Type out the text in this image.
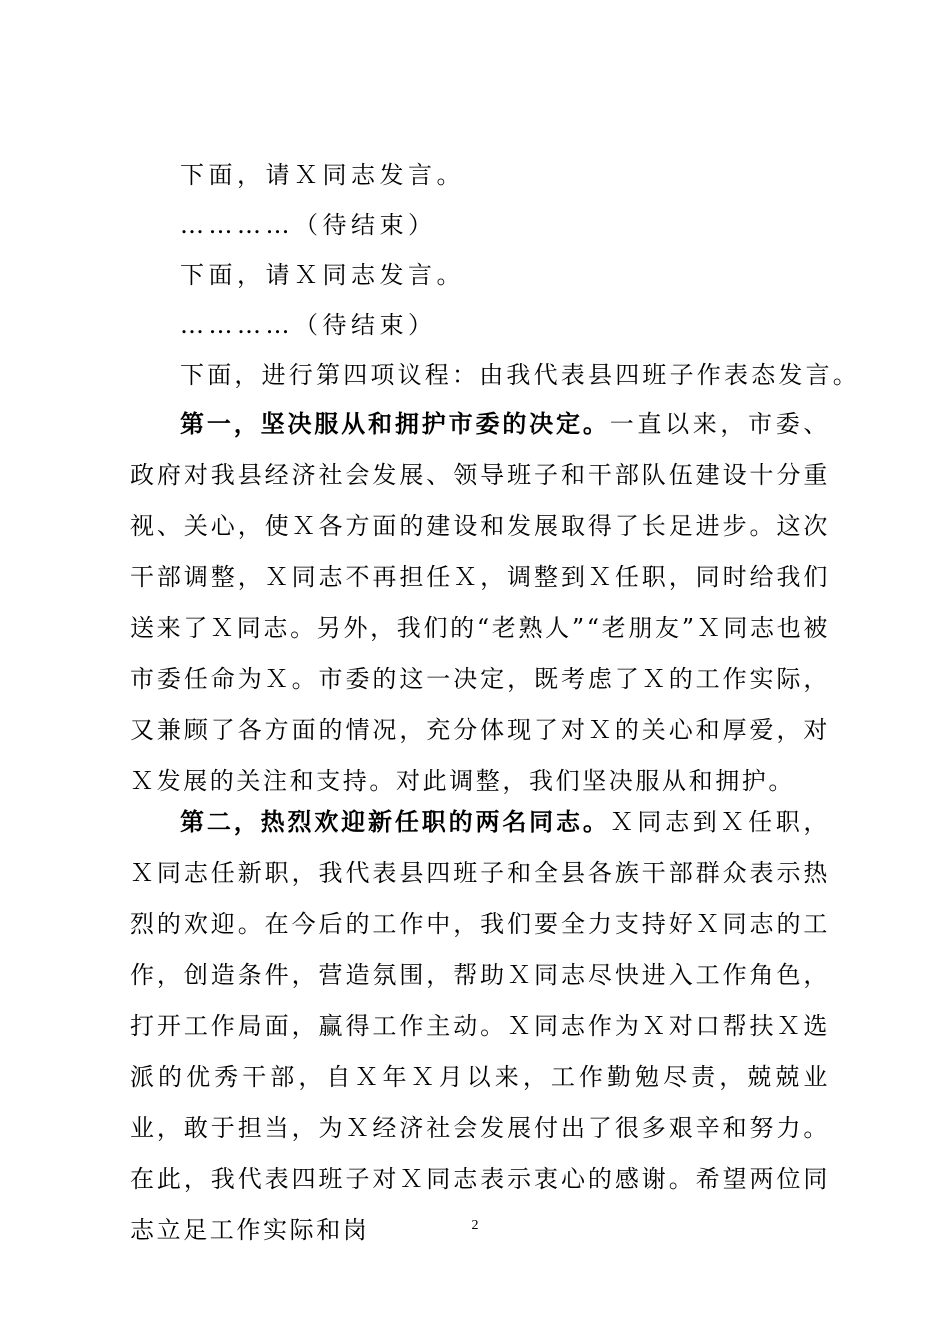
下面，请Ｘ同志发言。

…………（待结束）

下面，请Ｘ同志发言。

…………（待结束）

下面，进行第四项议程：由我代表县四班子作表态发言。

第一，坚决服从和拥护市委的决定。一直以来，市委、政府对我县经济社会发展、领导班子和干部队伍建设十分重视、关心，使Ｘ各方面的建设和发展取得了长足进步。这次干部调整，Ｘ同志不再担任Ｘ，调整到Ｘ任职，同时给我们送来了Ｘ同志。另外，我们的“老熟人”“老朋友”Ｘ同志也被市委任命为Ｘ。市委的这一决定，既考虑了Ｘ的工作实际，又兼顾了各方面的情况，充分体现了对Ｘ的关心和厚爱，对Ｘ发展的关注和支持。对此调整，我们坚决服从和拥护。

第二，热烈欢迎新任职的两名同志。Ｘ同志到Ｘ任职，Ｘ同志任新职，我代表县四班子和全县各族干部群众表示热烈的欢迎。在今后的工作中，我们要全力支持好Ｘ同志的工作，创造条件，营造氛围，帮助Ｘ同志尽快进入工作角色，打开工作局面，赢得工作主动。Ｘ同志作为Ｘ对口帮扶Ｘ选派的优秀干部，自Ｘ年Ｘ月以来，工作勤勉尽责，兢兢业业，敢于担当，为Ｘ经济社会发展付出了很多艰辛和努力。在此，我代表四班子对Ｘ同志表示衷心的感谢。希望两位同志立足工作实际和岗	2
